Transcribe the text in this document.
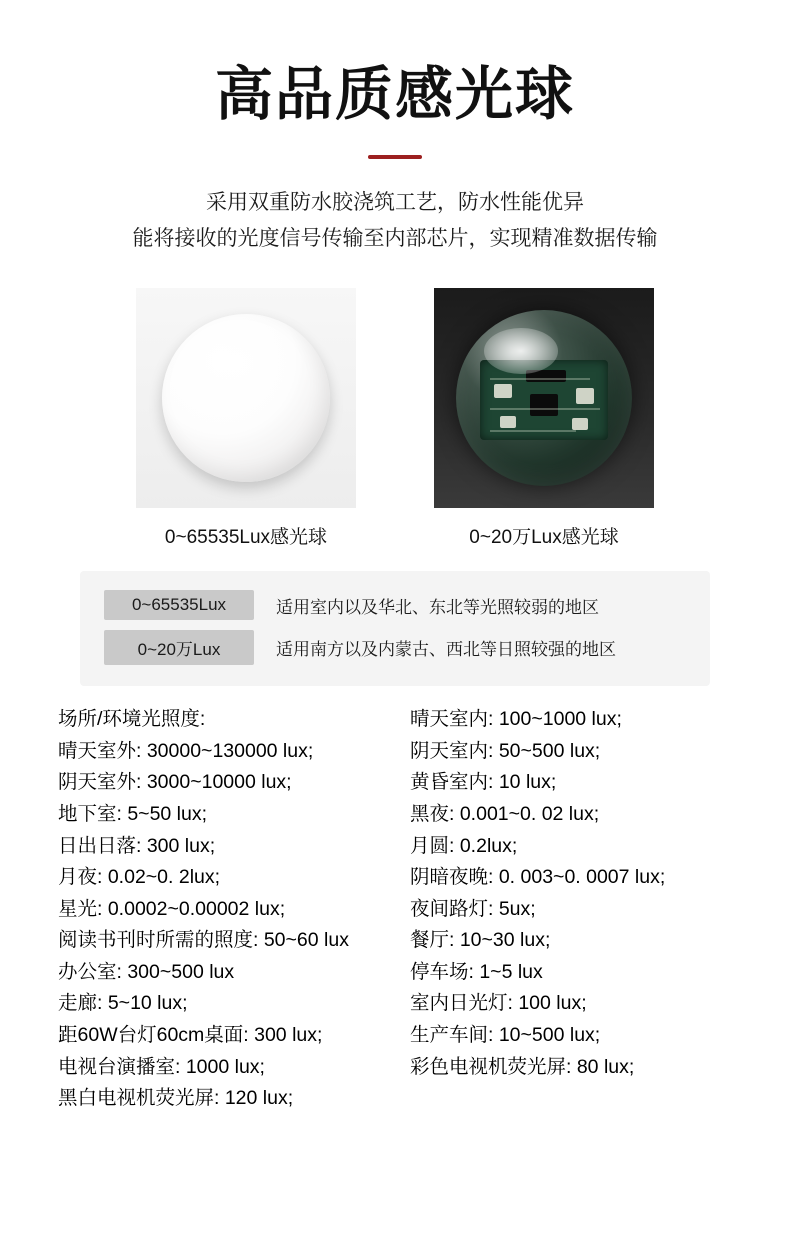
高品质感光球
采用双重防水胶浇筑工艺，防水性能优异
能将接收的光度信号传输至内部芯片，实现精准数据传输
0~65535Lux感光球	0~20万Lux感光球
0~65535Lux	适用室内以及华北、东北等光照较弱的地区
0~20万Lux	适用南方以及内蒙古、西北等日照较强的地区
场所/环境光照度:
晴天室外: 30000~130000 lux;
阴天室外: 3000~10000 lux;
地下室: 5~50 lux;
日出日落: 300 lux;
月夜: 0.02~0. 2lux;
星光: 0.0002~0.00002 lux;
阅读书刊时所需的照度: 50~60 lux
办公室: 300~500 lux
走廊: 5~10 lux;
距60W台灯60cm桌面: 300 lux;
电视台演播室: 1000 lux;
黑白电视机荧光屏: 120 lux;
晴天室内: 100~1000 lux;
阴天室内: 50~500 lux;
黄昏室内: 10 lux;
黑夜: 0.001~0. 02 lux;
月圆: 0.2lux;
阴暗夜晚: 0. 003~0. 0007 lux;
夜间路灯: 5ux;
餐厅: 10~30 lux;
停车场: 1~5 lux
室内日光灯: 100 lux;
生产车间: 10~500 lux;
彩色电视机荧光屏: 80 lux;
